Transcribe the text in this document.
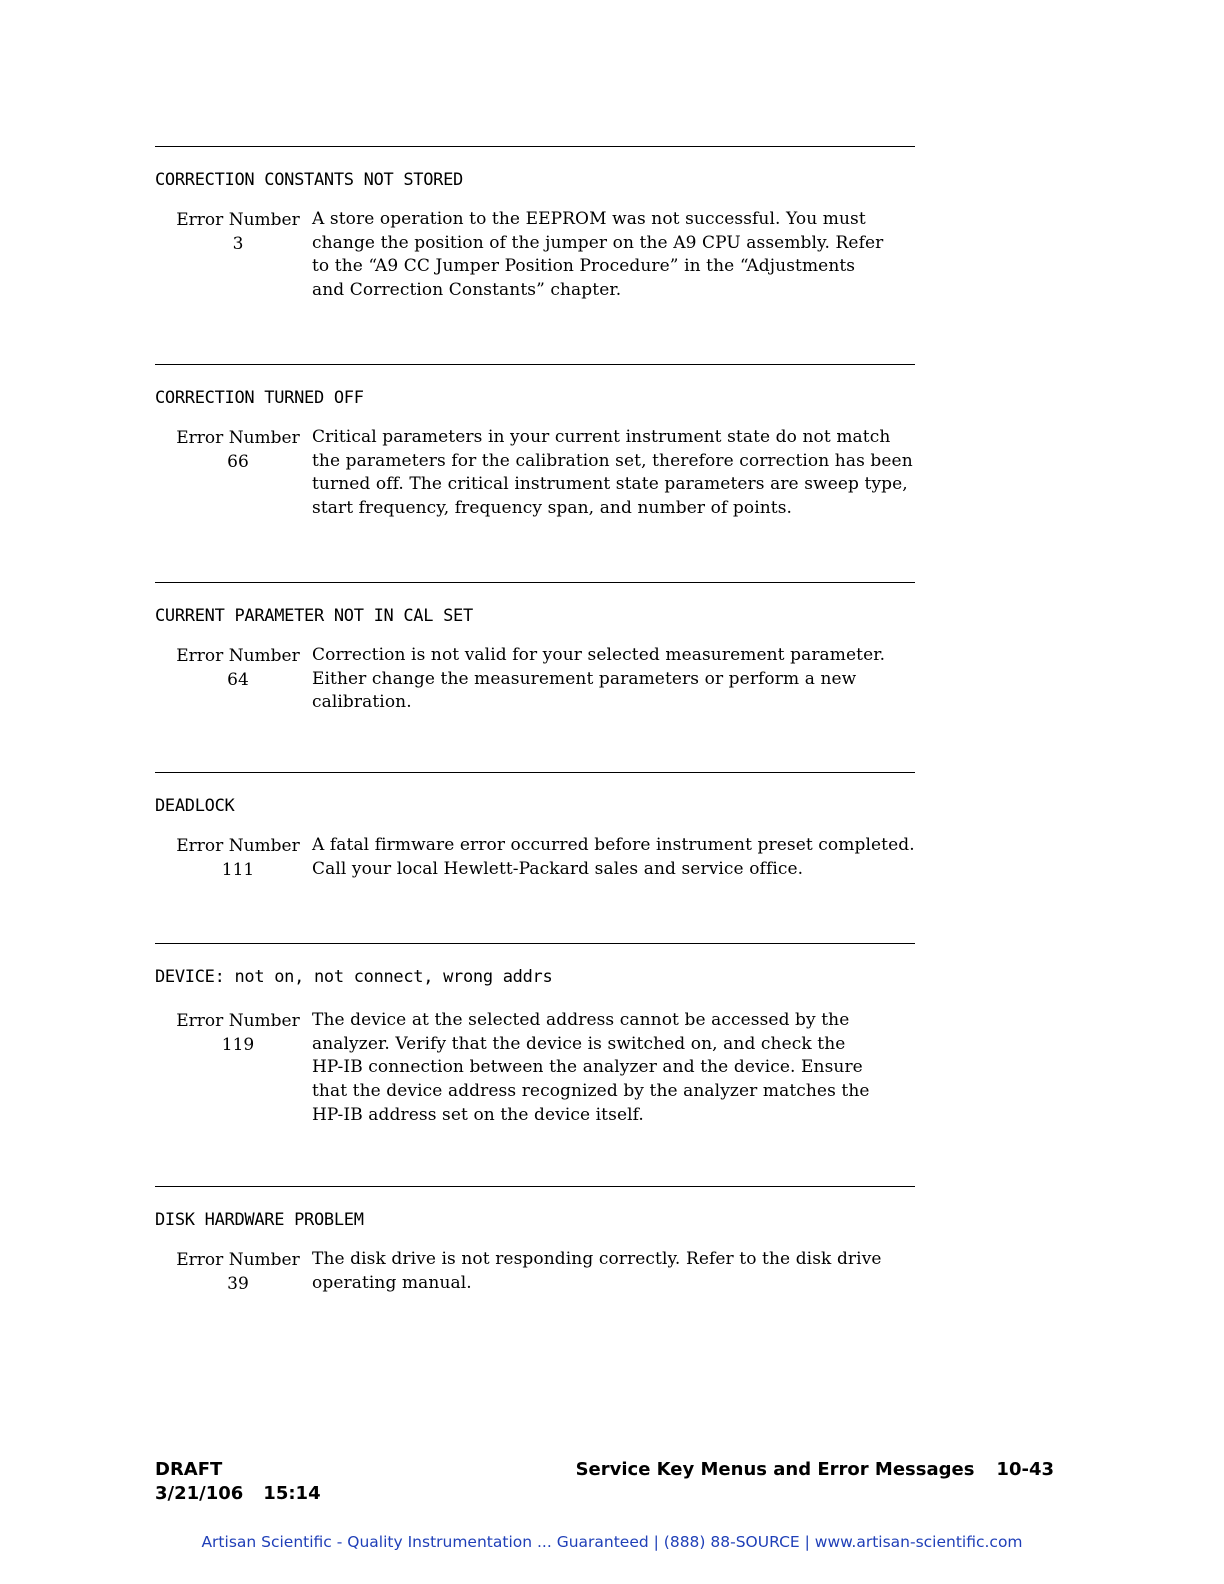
CORRECTION CONSTANTS NOT STORED
Error Number
3
A store operation to the EEPROM was not successful. You must
change the position of the jumper on the A9 CPU assembly. Refer
to the “A9 CC Jumper Position Procedure” in the “Adjustments
and Correction Constants” chapter.
CORRECTION TURNED OFF
Error Number
66
Critical parameters in your current instrument state do not match
the parameters for the calibration set, therefore correction has been
turned off. The critical instrument state parameters are sweep type,
start frequency, frequency span, and number of points.
CURRENT PARAMETER NOT IN CAL SET
Error Number
64
Correction is not valid for your selected measurement parameter.
Either change the measurement parameters or perform a new
calibration.
DEADLOCK
Error Number
111
A fatal firmware error occurred before instrument preset completed.
Call your local Hewlett-Packard sales and service office.
DEVICE: not on, not connect, wrong addrs
Error Number
119
The device at the selected address cannot be accessed by the
analyzer. Verify that the device is switched on, and check the
HP-IB connection between the analyzer and the device. Ensure
that the device address recognized by the analyzer matches the
HP-IB address set on the device itself.
DISK HARDWARE PROBLEM
Error Number
39
The disk drive is not responding correctly. Refer to the disk drive
operating manual.
DRAFT
3/21/106 15:14
Service Key Menus and Error Messages 10-43
Artisan Scientific - Quality Instrumentation ... Guaranteed | (888) 88-SOURCE | www.artisan-scientific.com
